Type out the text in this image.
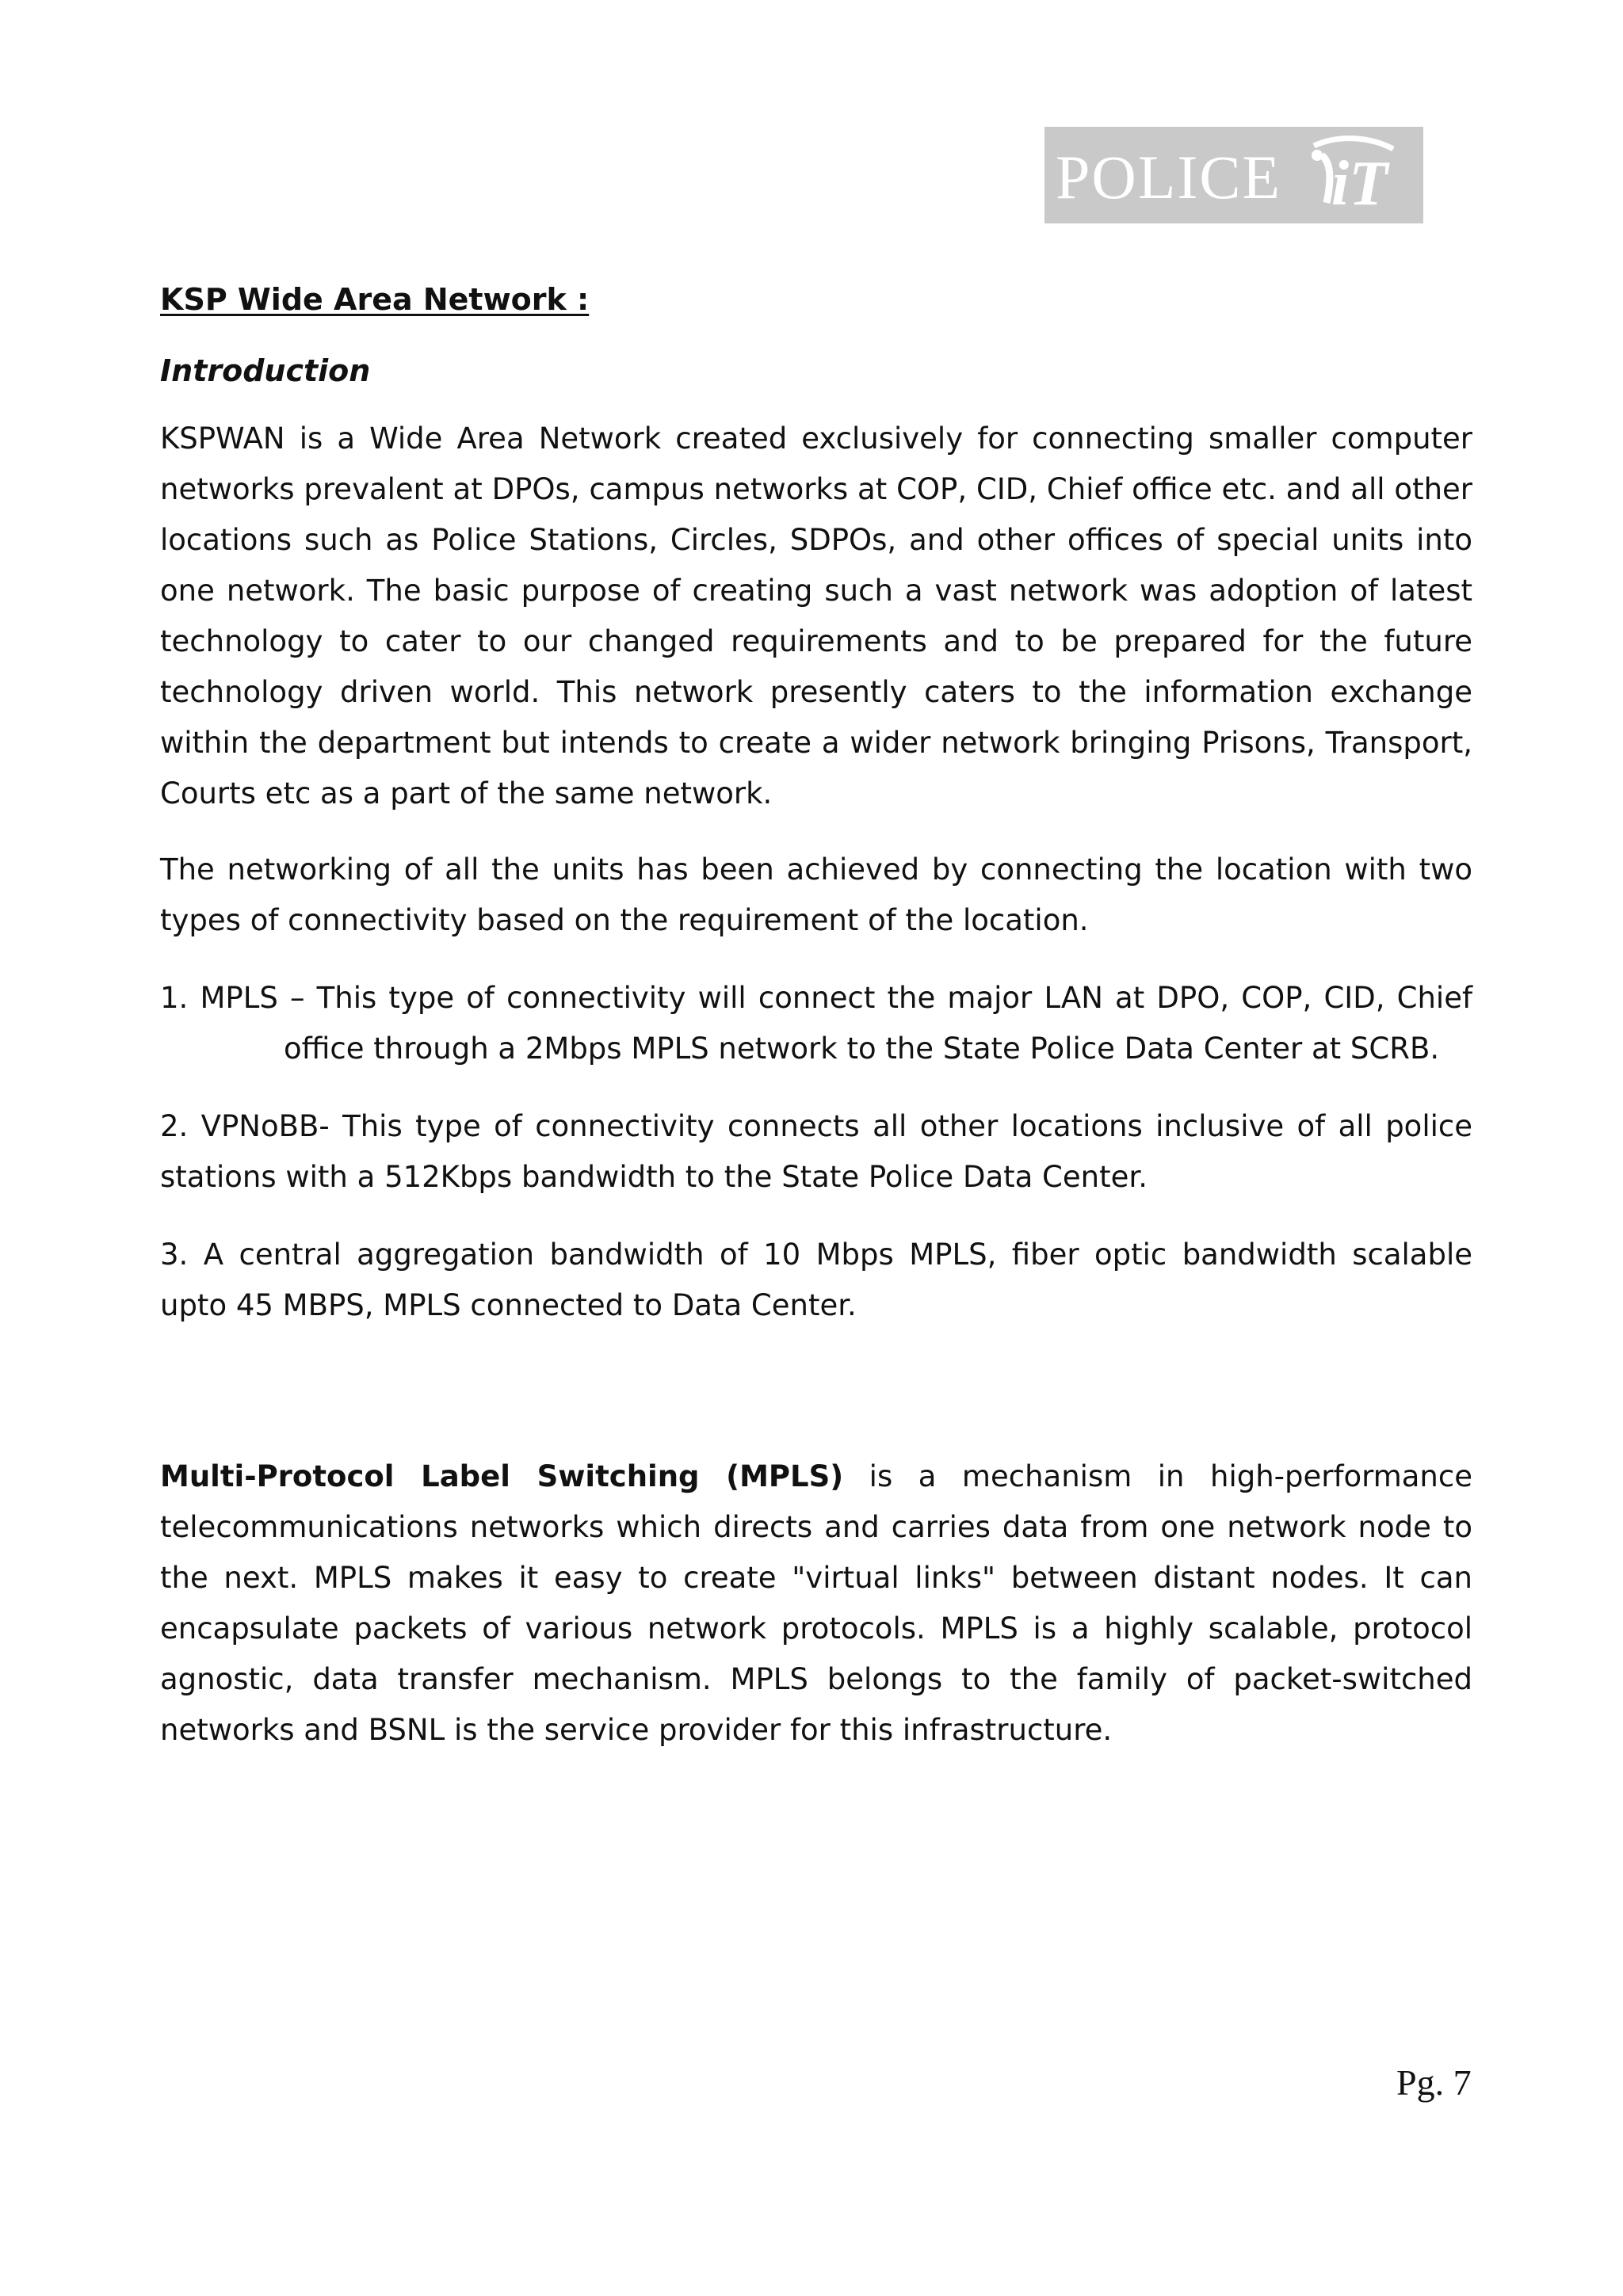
POLICE iT
KSP Wide Area Network :
Introduction

KSPWAN is a Wide Area Network created exclusively for connecting smaller computer networks prevalent at DPOs, campus networks at COP, CID, Chief office etc. and all other locations such as Police Stations, Circles, SDPOs, and other offices of special units into one network. The basic purpose of creating such a vast network was adoption of latest technology to cater to our changed requirements and to be prepared for the future technology driven world. This network presently caters to the information exchange within the department but intends to create a wider network bringing Prisons, Transport, Courts etc as a part of the same network.

The networking of all the units has been achieved by connecting the location with two types of connectivity based on the requirement of the location.

1. MPLS – This type of connectivity will connect the major LAN at DPO, COP, CID, Chief
office through a 2Mbps MPLS network to the State Police Data Center at SCRB.

2. VPNoBB- This type of connectivity connects all other locations inclusive of all police stations with a 512Kbps bandwidth to the State Police Data Center.

3. A central aggregation bandwidth of 10 Mbps MPLS, fiber optic bandwidth scalable upto 45 MBPS, MPLS connected to Data Center.

Multi-Protocol Label Switching (MPLS) is a mechanism in high-performance telecommunications networks which directs and carries data from one network node to the next. MPLS makes it easy to create "virtual links" between distant nodes. It can encapsulate packets of various network protocols. MPLS is a highly scalable, protocol agnostic, data transfer mechanism. MPLS belongs to the family of packet-switched networks and BSNL is the service provider for this infrastructure.

Pg. 7
